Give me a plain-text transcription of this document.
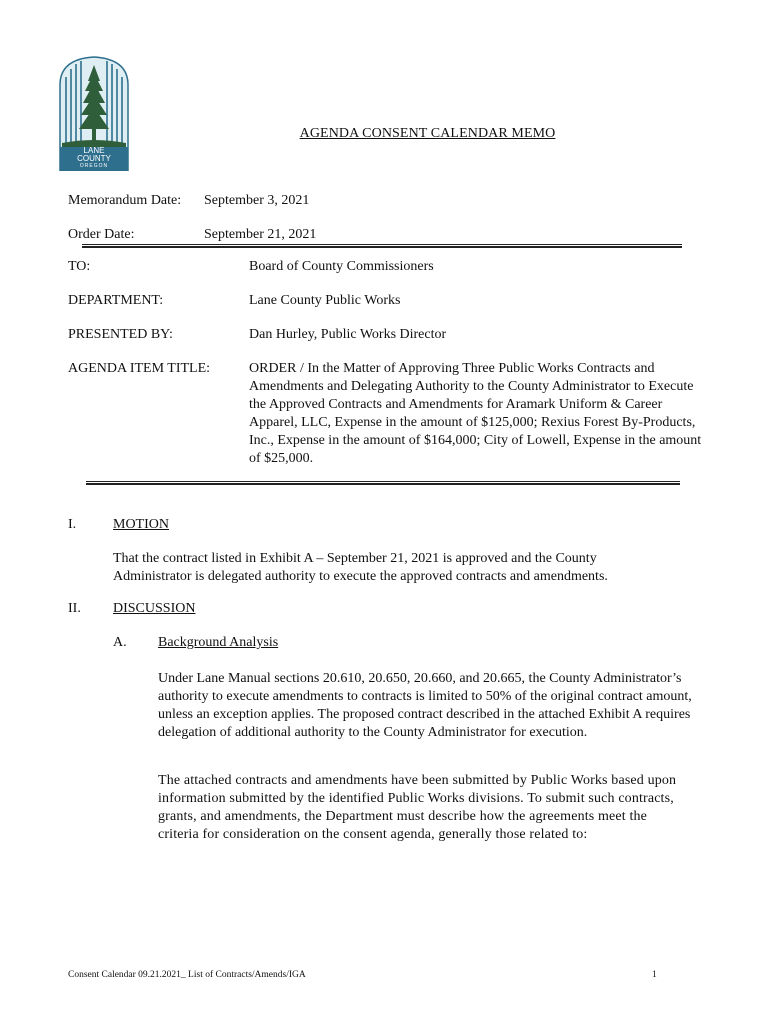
LANE
COUNTY
OREGON
AGENDA CONSENT CALENDAR MEMO
Memorandum Date: September 3, 2021
Order Date:	September 21, 2021
TO:	Board of County Commissioners
DEPARTMENT:	Lane County Public Works
PRESENTED BY:	Dan Hurley, Public Works Director
AGENDA ITEM TITLE:	ORDER / In the Matter of Approving Three Public Works Contracts and Amendments and Delegating Authority to the County Administrator to Execute the Approved Contracts and Amendments for Aramark Uniform & Career Apparel, LLC, Expense in the amount of $125,000; Rexius Forest By-Products, Inc., Expense in the amount of $164,000; City of Lowell, Expense in the amount of $25,000.
I.	MOTION
That the contract listed in Exhibit A – September 21, 2021 is approved and the County Administrator is delegated authority to execute the approved contracts and amendments.
II. DISCUSSION
A. Background Analysis
Under Lane Manual sections 20.610, 20.650, 20.660, and 20.665, the County Administrator’s authority to execute amendments to contracts is limited to 50% of the original contract amount, unless an exception applies. The proposed contract described in the attached Exhibit A requires delegation of additional authority to the County Administrator for execution.
The attached contracts and amendments have been submitted by Public Works based upon information submitted by the identified Public Works divisions. To submit such contracts, grants, and amendments, the Department must describe how the agreements meet the criteria for consideration on the consent agenda, generally those related to:
Consent Calendar 09.21.2021_ List of Contracts/Amends/IGA	1
